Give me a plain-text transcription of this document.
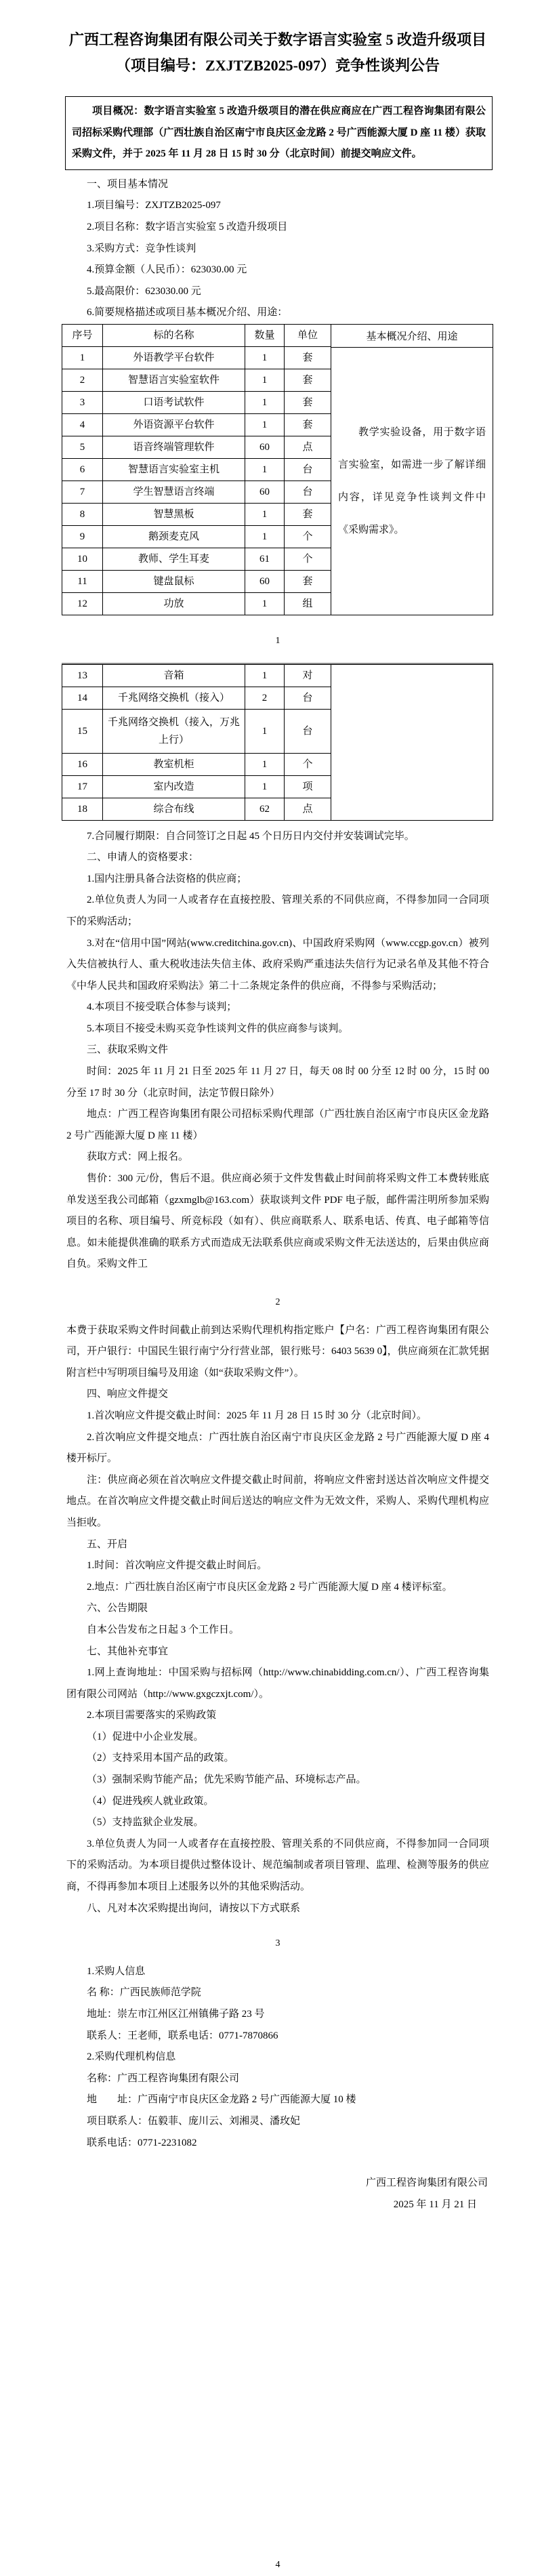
广西工程咨询集团有限公司关于数字语言实验室 5 改造升级项目
（项目编号：ZXJTZB2025-097）竞争性谈判公告
项目概况：数字语言实验室 5 改造升级项目的潜在供应商应在广西工程咨询集团有限公司招标采购代理部（广西壮族自治区南宁市良庆区金龙路 2 号广西能源大厦 D 座 11 楼）获取采购文件，并于 2025 年 11 月 28 日 15 时 30 分（北京时间）前提交响应文件。

一、项目基本情况

1.项目编号：ZXJTZB2025-097

2.项目名称：数字语言实验室 5 改造升级项目

3.采购方式：竞争性谈判

4.预算金额（人民币）：623030.00 元

5.最高限价：623030.00 元

6.简要规格描述或项目基本概况介绍、用途：

序号	标的名称	数量	单位
1	外语教学平台软件	1	套
2	智慧语言实验室软件	1	套
3	口语考试软件	1	套
4	外语资源平台软件	1	套
5	语音终端管理软件	60	点
6	智慧语言实验室主机	1	台
7	学生智慧语言终端	60	台
8	智慧黑板	1	套
9	鹅颈麦克风	1	个
10	教师、学生耳麦	61	个
11	键盘鼠标	60	套
12	功放	1	组
基本概况介绍、用途
教学实验设备，用于数字语言实验室，如需进一步了解详细内容，详见竞争性谈判文件中《采购需求》。
1
13	音箱	1	对
14	千兆网络交换机（接入）	2	台
15	千兆网络交换机（接入，万兆上行）	1	台
16	教室机柜	1	个
17	室内改造	1	项
18	综合布线	62	点

7.合同履行期限：自合同签订之日起 45 个日历日内交付并安装调试完毕。

二、申请人的资格要求：

1.国内注册具备合法资格的供应商；

2.单位负责人为同一人或者存在直接控股、管理关系的不同供应商，不得参加同一合同项下的采购活动；

3.对在“信用中国”网站(www.creditchina.gov.cn)、中国政府采购网（www.ccgp.gov.cn）被列入失信被执行人、重大税收违法失信主体、政府采购严重违法失信行为记录名单及其他不符合《中华人民共和国政府采购法》第二十二条规定条件的供应商，不得参与采购活动；

4.本项目不接受联合体参与谈判；

5.本项目不接受未购买竞争性谈判文件的供应商参与谈判。

三、获取采购文件

时间：2025 年 11 月 21 日至 2025 年 11 月 27 日，每天 08 时 00 分至 12 时 00 分，15 时 00 分至 17 时 30 分（北京时间，法定节假日除外）

地点：广西工程咨询集团有限公司招标采购代理部（广西壮族自治区南宁市良庆区金龙路 2 号广西能源大厦 D 座 11 楼）

获取方式：网上报名。

售价：300 元/份，售后不退。供应商必须于文件发售截止时间前将采购文件工本费转账底单发送至我公司邮箱（gzxmglb@163.com）获取谈判文件 PDF 电子版，邮件需注明所参加采购项目的名称、项目编号、所竞标段（如有）、供应商联系人、联系电话、传真、电子邮箱等信息。如未能提供准确的联系方式而造成无法联系供应商或采购文件无法送达的，后果由供应商自负。采购文件工

2

本费于获取采购文件时间截止前到达采购代理机构指定账户【户名：广西工程咨询集团有限公司，开户银行：中国民生银行南宁分行营业部，银行账号：6403 5639 0】，供应商须在汇款凭据附言栏中写明项目编号及用途（如“获取采购文件”）。

四、响应文件提交

1.首次响应文件提交截止时间：2025 年 11 月 28 日 15 时 30 分（北京时间）。

2.首次响应文件提交地点：广西壮族自治区南宁市良庆区金龙路 2 号广西能源大厦 D 座 4 楼开标厅。

注：供应商必须在首次响应文件提交截止时间前，将响应文件密封送达首次响应文件提交地点。在首次响应文件提交截止时间后送达的响应文件为无效文件，采购人、采购代理机构应当拒收。

五、开启

1.时间：首次响应文件提交截止时间后。

2.地点：广西壮族自治区南宁市良庆区金龙路 2 号广西能源大厦 D 座 4 楼评标室。

六、公告期限

自本公告发布之日起 3 个工作日。

七、其他补充事宜

1.网上查询地址：中国采购与招标网（http://www.chinabidding.com.cn/）、广西工程咨询集团有限公司网站（http://www.gxgczxjt.com/）。

2.本项目需要落实的采购政策

（1）促进中小企业发展。

（2）支持采用本国产品的政策。

（3）强制采购节能产品；优先采购节能产品、环境标志产品。

（4）促进残疾人就业政策。

（5）支持监狱企业发展。

3.单位负责人为同一人或者存在直接控股、管理关系的不同供应商，不得参加同一合同项下的采购活动。为本项目提供过整体设计、规范编制或者项目管理、监理、检测等服务的供应商，不得再参加本项目上述服务以外的其他采购活动。

八、凡对本次采购提出询问，请按以下方式联系

3

1.采购人信息

名 称：广西民族师范学院

地址：崇左市江州区江州镇佛子路 23 号

联系人：王老师，联系电话：0771-7870866

2.采购代理机构信息

名称：广西工程咨询集团有限公司

地　　址：广西南宁市良庆区金龙路 2 号广西能源大厦 10 楼

项目联系人：伍毅菲、庞川云、刘湘灵、潘玫妃

联系电话：0771-2231082

广西工程咨询集团有限公司
2025 年 11 月 21 日
4
